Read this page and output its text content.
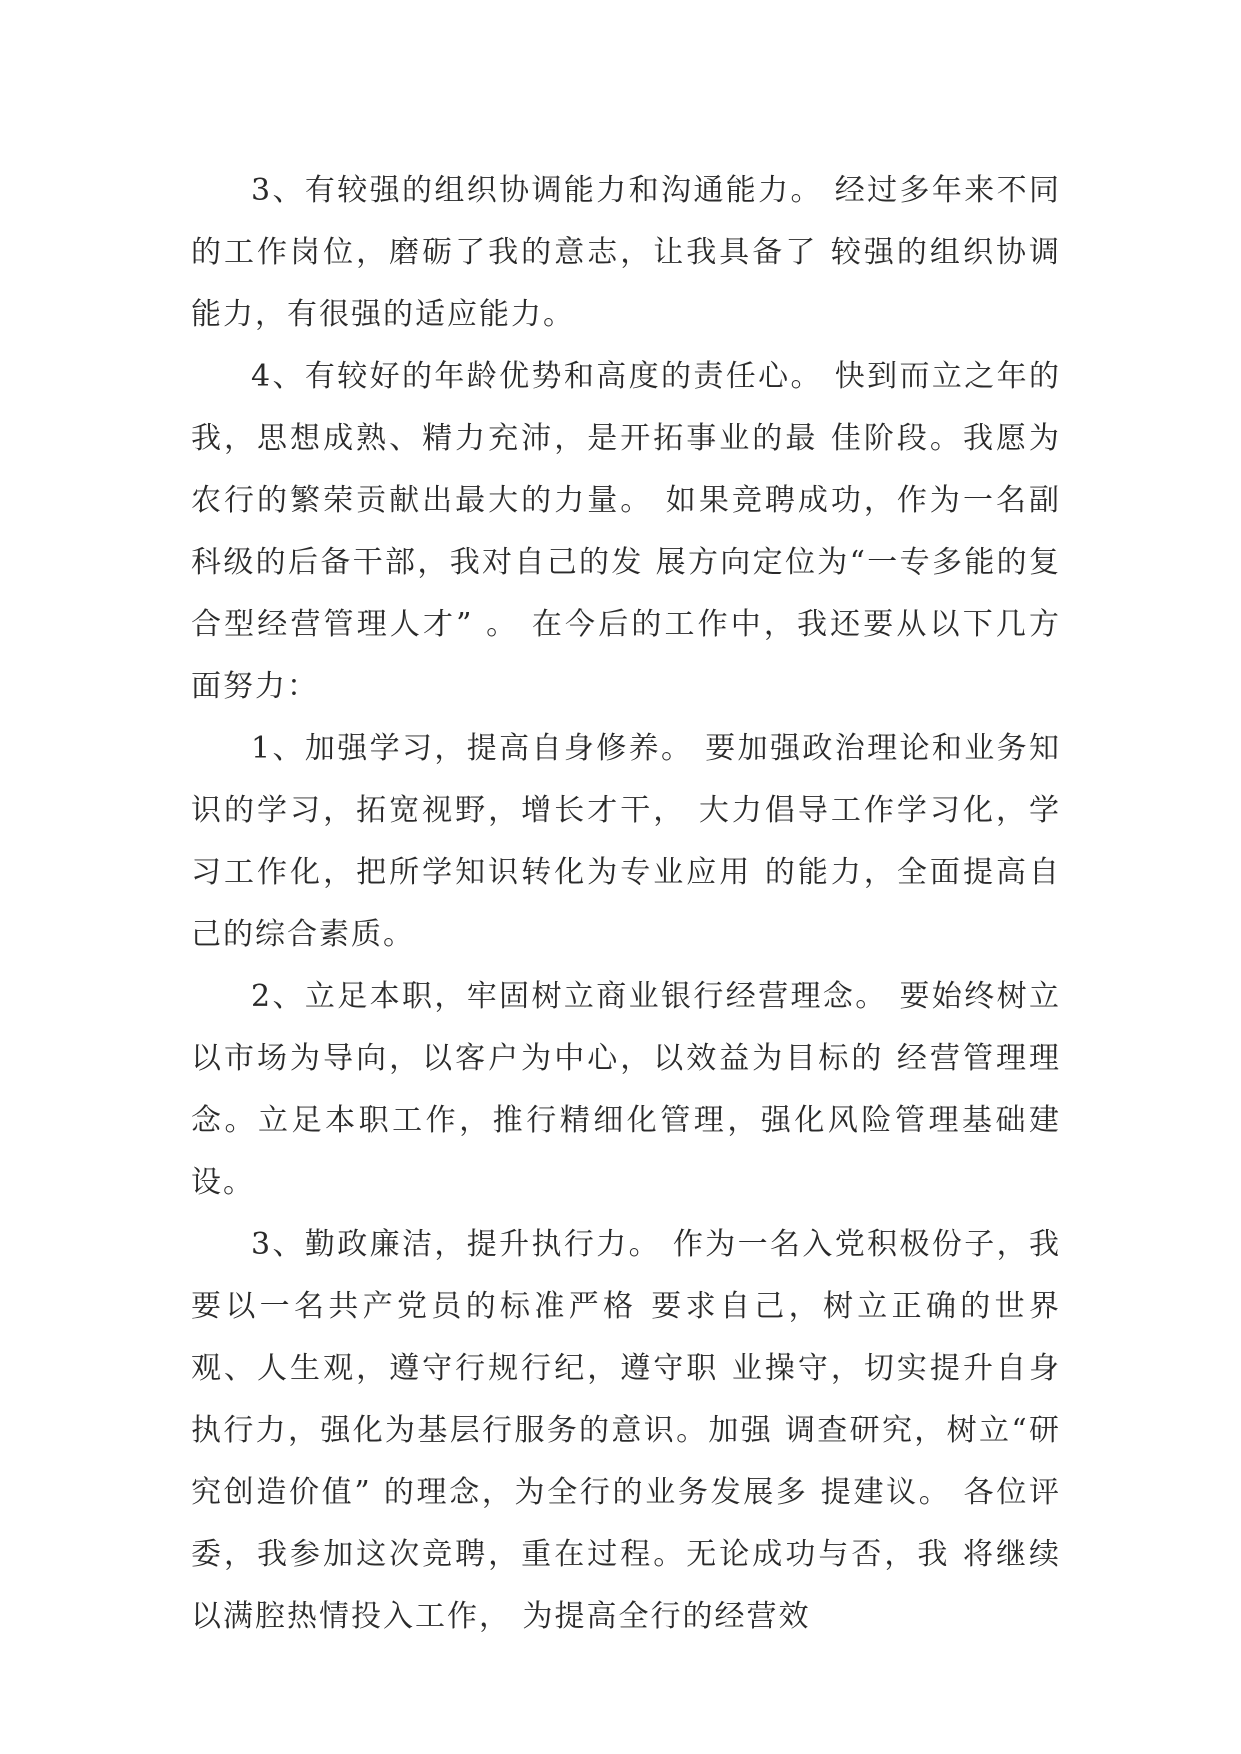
3、有较强的组织协调能力和沟通能力。 经过多年来不同的工作岗位，磨砺了我的意志，让我具备了 较强的组织协调能力，有很强的适应能力。

4、有较好的年龄优势和高度的责任心。 快到而立之年的我，思想成熟、精力充沛，是开拓事业的最 佳阶段。我愿为农行的繁荣贡献出最大的力量。 如果竞聘成功，作为一名副科级的后备干部，我对自己的发 展方向定位为“一专多能的复合型经营管理人才” 。 在今后的工作中，我还要从以下几方面努力：

1、加强学习，提高自身修养。 要加强政治理论和业务知识的学习，拓宽视野，增长才干， 大力倡导工作学习化，学习工作化，把所学知识转化为专业应用 的能力，全面提高自己的综合素质。

2、立足本职，牢固树立商业银行经营理念。 要始终树立以市场为导向，以客户为中心，以效益为目标的 经营管理理念。立足本职工作，推行精细化管理，强化风险管理基础建设。

3、勤政廉洁，提升执行力。 作为一名入党积极份子，我要以一名共产党员的标准严格 要求自己，树立正确的世界观、人生观，遵守行规行纪，遵守职 业操守，切实提升自身执行力，强化为基层行服务的意识。加强 调查研究，树立“研究创造价值” 的理念，为全行的业务发展多 提建议。 各位评委，我参加这次竞聘，重在过程。无论成功与否，我 将继续以满腔热情投入工作， 为提高全行的经营效
